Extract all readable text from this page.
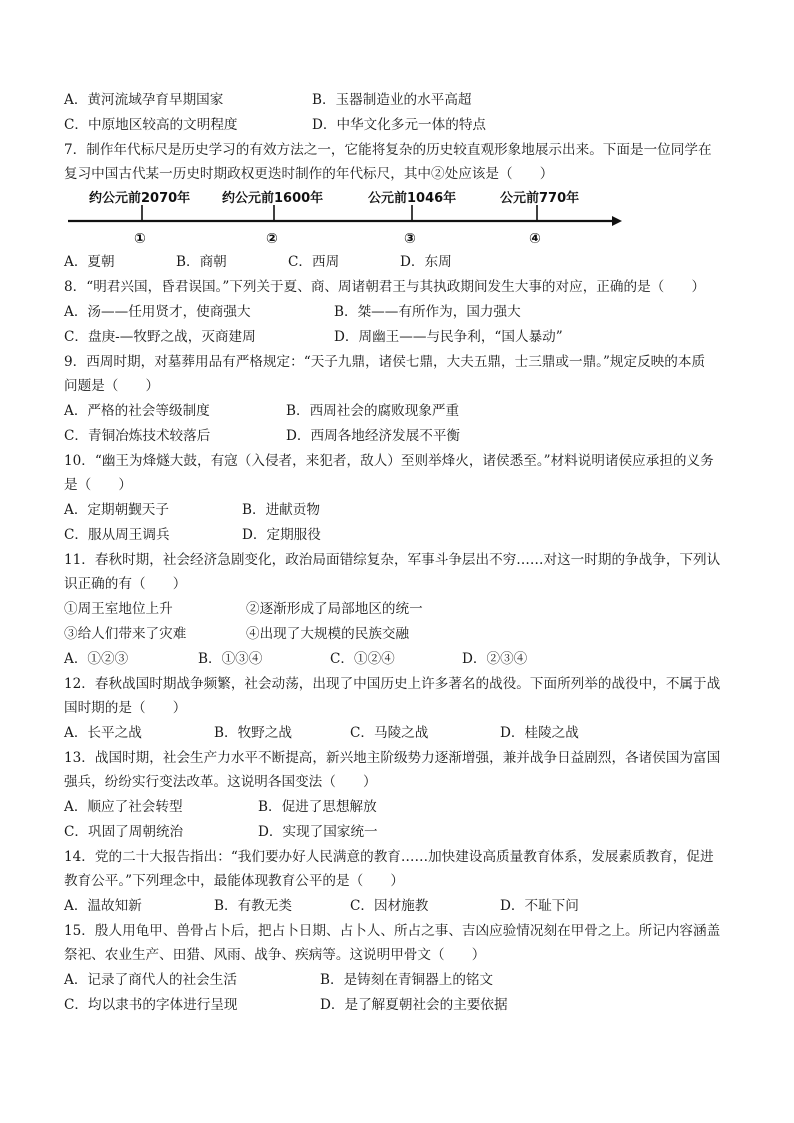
A．黄河流域孕育早期国家	B．玉器制造业的水平高超
C．中原地区较高的文明程度	D．中华文化多元一体的特点
7．制作年代标尺是历史学习的有效方法之一，它能将复杂的历史较直观形象地展示出来。下面是一位同学在
复习中国古代某一历史时期政权更迭时制作的年代标尺，其中②处应该是（　　）
约公元前2070年 约公元前1600年	公元前1046年	公元前770年
①	②	③	④
A．夏朝	B．商朝	C．西周	D．东周
8．“明君兴国，昏君误国。”下列关于夏、商、周诸朝君王与其执政期间发生大事的对应，正确的是（　　）
A．汤——任用贤才，使商强大	B．桀——有所作为，国力强大
C．盘庚-—牧野之战，灭商建周	D．周幽王——与民争利，“国人暴动”
9．西周时期，对墓葬用品有严格规定：“天子九鼎，诸侯七鼎，大夫五鼎，士三鼎或一鼎。”规定反映的本质
问题是（　　）
A．严格的社会等级制度	B．西周社会的腐败现象严重
C．青铜冶炼技术较落后	D．西周各地经济发展不平衡
10．“幽王为烽燧大鼓，有寇（入侵者，来犯者，敌人）至则举烽火，诸侯悉至。”材料说明诸侯应承担的义务
是（　　）
A．定期朝觐天子	B．进献贡物
C．服从周王调兵	D．定期服役
11．春秋时期，社会经济急剧变化，政治局面错综复杂，军事斗争层出不穷……对这一时期的争战争，下列认
识正确的有（　　）
①周王室地位上升	②逐渐形成了局部地区的统一
③给人们带来了灾难	④出现了大规模的民族交融
A．①②③	B．①③④	C．①②④	D．②③④
12．春秋战国时期战争频繁，社会动荡，出现了中国历史上许多著名的战役。下面所列举的战役中，不属于战
国时期的是（　　）
A．长平之战	B．牧野之战	C．马陵之战	D．桂陵之战
13．战国时期，社会生产力水平不断提高，新兴地主阶级势力逐渐增强，兼并战争日益剧烈，各诸侯国为富国
强兵，纷纷实行变法改革。这说明各国变法（　　）
A．顺应了社会转型	B．促进了思想解放
C．巩固了周朝统治	D．实现了国家统一
14．党的二十大报告指出：“我们要办好人民满意的教育……加快建设高质量教育体系，发展素质教育，促进
教育公平。”下列理念中，最能体现教育公平的是（　　）
A．温故知新	B．有教无类	C．因材施教	D．不耻下问
15．殷人用龟甲、兽骨占卜后，把占卜日期、占卜人、所占之事、吉凶应验情况刻在甲骨之上。所记内容涵盖
祭祀、农业生产、田猎、风雨、战争、疾病等。这说明甲骨文（　　）
A．记录了商代人的社会生活	B．是铸刻在青铜器上的铭文
C．均以隶书的字体进行呈现	D．是了解夏朝社会的主要依据
